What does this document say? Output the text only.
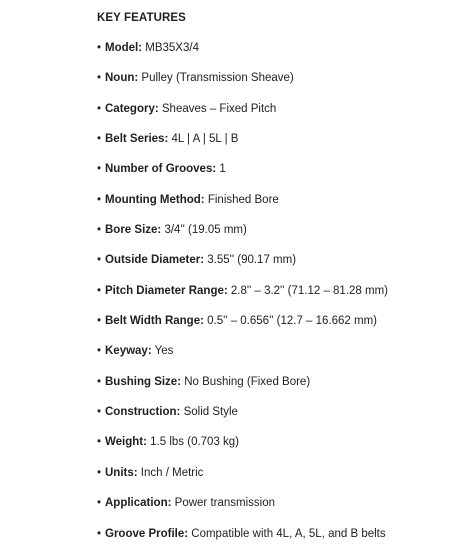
KEY FEATURES
• Model: MB35X3/4
• Noun: Pulley (Transmission Sheave)
• Category: Sheaves – Fixed Pitch
• Belt Series: 4L | A | 5L | B
• Number of Grooves: 1
• Mounting Method: Finished Bore
• Bore Size: 3/4'' (19.05 mm)
• Outside Diameter: 3.55'' (90.17 mm)
• Pitch Diameter Range: 2.8'' – 3.2'' (71.12 – 81.28 mm)
• Belt Width Range: 0.5'' – 0.656'' (12.7 – 16.662 mm)
• Keyway: Yes
• Bushing Size: No Bushing (Fixed Bore)
• Construction: Solid Style
• Weight: 1.5 lbs (0.703 kg)
• Units: Inch / Metric
• Application: Power transmission
• Groove Profile: Compatible with 4L, A, 5L, and B belts
